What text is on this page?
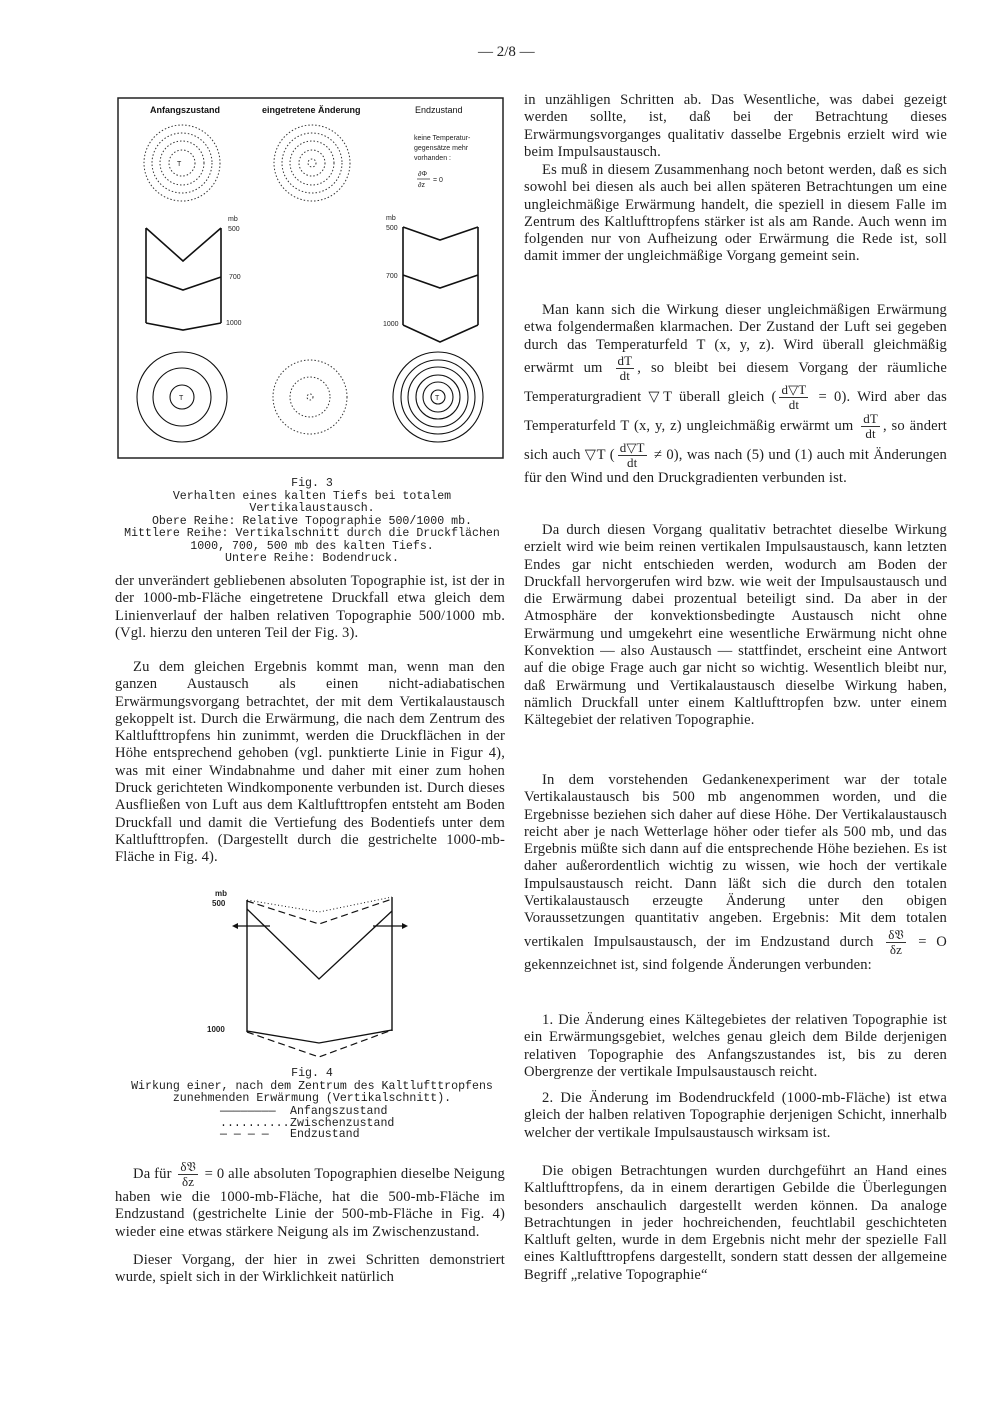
— 2/8 —
Anfangszustand	eingetretene Änderung	Endzustand
T
keine Temperatur-
gegensätze mehr
vorhanden :
∂Φ
∂z
= 0
mb
500
700
1000
mb
500
700
1000
T	T
mb
500
1000
Fig. 3
Verhalten eines kalten Tiefs bei totalem Vertikalaustausch.
Obere Reihe: Relative Topographie 500/1000 mb.
Mittlere Reihe: Vertikalschnitt durch die Druckflächen
1000, 700, 500 mb des kalten Tiefs.
Untere Reihe: Bodendruck.
Fig. 4
Wirkung einer, nach dem Zentrum des Kaltlufttropfens
zunehmenden Erwärmung (Vertikalschnitt).
———————— Anfangszustand
..........Zwischenzustand
— — — — Endzustand
der unverändert gebliebenen absoluten Topographie ist, ist der in der 1000-mb-Fläche eingetretene Druckfall etwa gleich dem Linienverlauf der halben relativen Topographie 500/1000 mb. (Vgl. hierzu den unteren Teil der Fig. 3).
Zu dem gleichen Ergebnis kommt man, wenn man den ganzen Austausch als einen nicht-adiabatischen Erwärmungsvorgang betrachtet, der mit dem Vertikalaustausch gekoppelt ist. Durch die Erwärmung, die nach dem Zentrum des Kaltlufttropfens hin zunimmt, werden die Druckflächen in der Höhe entsprechend gehoben (vgl. punktierte Linie in Figur 4), was mit einer Windabnahme und daher mit einer zum hohen Druck gerichteten Windkomponente verbunden ist. Durch dieses Ausfließen von Luft aus dem Kaltlufttropfen entsteht am Boden Druckfall und damit die Vertiefung des Bodentiefs unter dem Kaltlufttropfen. (Dargestellt durch die gestrichelte 1000-mb-Fläche in Fig. 4).
Da für $\frac{\text{δ𝔙}}{\delta z} = 0$ alle absoluten Topographien dieselbe Neigung haben wie die 1000-mb-Fläche, hat die 500-mb-Fläche im Endzustand (gestrichelte Linie der 500-mb-Fläche in Fig. 4) wieder eine etwas stärkere Neigung als im Zwischenzustand.
Dieser Vorgang, der hier in zwei Schritten demonstriert wurde, spielt sich in der Wirklichkeit natürlich
in unzähligen Schritten ab. Das Wesentliche, was dabei gezeigt werden sollte, ist, daß bei der Betrachtung dieses Erwärmungsvorganges qualitativ dasselbe Ergebnis erzielt wird wie beim Impulsaustausch.
Es muß in diesem Zusammenhang noch betont werden, daß es sich sowohl bei diesen als auch bei allen späteren Betrachtungen um eine ungleichmäßige Erwärmung handelt, die speziell in diesem Falle im Zentrum des Kaltlufttropfens stärker ist als am Rande. Auch wenn im folgenden nur von Aufheizung oder Erwärmung die Rede ist, soll damit immer der ungleichmäßige Vorgang gemeint sein.
Man kann sich die Wirkung dieser ungleichmäßigen Erwärmung etwa folgendermaßen klarmachen. Der Zustand der Luft sei gegeben durch das Temperaturfeld T (x, y, z). Wird überall gleichmäßig erwärmt um $\frac{dT}{dt}$ , so bleibt bei diesem Vorgang der räumliche Temperaturgradient ▽T überall gleich ( $\frac{d▽T}{dt} = 0$). Wird aber das Temperaturfeld T (x, y, z) ungleichmäßig erwärmt um $\frac{dT}{dt}$ , so ändert sich auch ▽T ( $\frac{d▽T}{dt} \ne 0$), was nach (5) und (1) auch mit Änderungen für den Wind und den Druckgradienten verbunden ist.
Da durch diesen Vorgang qualitativ betrachtet dieselbe Wirkung erzielt wird wie beim reinen vertikalen Impulsaustausch, kann letzten Endes gar nicht entschieden werden, wodurch am Boden der Druckfall hervorgerufen wird bzw. wie weit der Impulsaustausch und die Erwärmung dabei prozentual beteiligt sind. Da aber in der Atmosphäre der konvektionsbedingte Austausch nicht ohne Erwärmung und umgekehrt eine wesentliche Erwärmung nicht ohne Konvektion — also Austausch — stattfindet, erscheint eine Antwort auf die obige Frage auch gar nicht so wichtig. Wesentlich bleibt nur, daß Erwärmung und Vertikalaustausch dieselbe Wirkung haben, nämlich Druckfall unter einem Kaltlufttropfen bzw. unter einem Kältegebiet der relativen Topographie.
In dem vorstehenden Gedankenexperiment war der totale Vertikalaustausch bis 500 mb angenommen worden, und die Ergebnisse beziehen sich daher auf diese Höhe. Der Vertikalaustausch reicht aber je nach Wetterlage höher oder tiefer als 500 mb, und das Ergebnis müßte sich dann auf die entsprechende Höhe beziehen. Es ist daher außerordentlich wichtig zu wissen, wie hoch der vertikale Impulsaustausch reicht. Dann läßt sich die durch den totalen Vertikalaustausch erzeugte Änderung unter den obigen Voraussetzungen quantitativ angeben. Ergebnis: Mit dem totalen vertikalen Impulsaustausch, der im Endzustand durch $\frac{\text{δ𝔙}}{\delta z} = O$ gekennzeichnet ist, sind folgende Änderungen verbunden:
1. Die Änderung eines Kältegebietes der relativen Topographie ist ein Erwärmungsgebiet, welches genau gleich dem Bilde derjenigen relativen Topographie des Anfangszustandes ist, bis zu deren Obergrenze der vertikale Impulsaustausch reicht.
2. Die Änderung im Bodendruckfeld (1000-mb-Fläche) ist etwa gleich der halben relativen Topographie derjenigen Schicht, innerhalb welcher der vertikale Impulsaustausch wirksam ist.
Die obigen Betrachtungen wurden durchgeführt an Hand eines Kaltlufttropfens, da in einem derartigen Gebilde die Überlegungen besonders anschaulich dargestellt werden können. Da analoge Betrachtungen in jeder hochreichenden, feuchtlabil geschichteten Kaltluft gelten, wurde in dem Ergebnis nicht mehr der spezielle Fall eines Kaltlufttropfens dargestellt, sondern statt dessen der allgemeine Begriff „relative Topographie“
